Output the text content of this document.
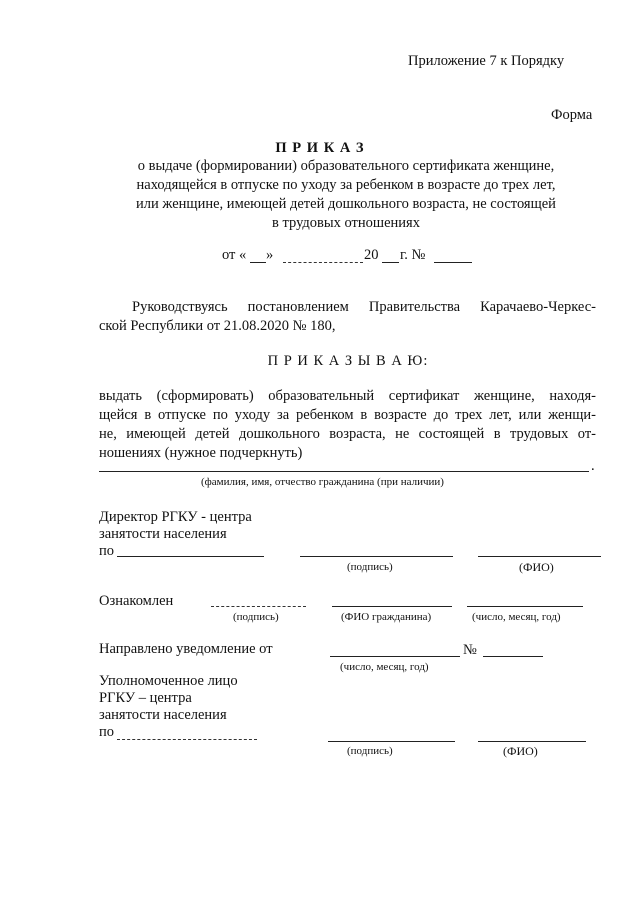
Приложение 7 к Порядку
Форма
П Р И К А З
о выдаче (формировании) образовательного сертификата женщине,
находящейся в отпуске по уходу за ребенком в возрасте до трех лет,
или женщине, имеющей детей дошкольного возраста, не состоящей
в трудовых отношениях
от « »	20 г. №
Руководствуясь постановлением Правительства Карачаево-Черкес-
ской Республики от 21.08.2020 № 180,
П Р И К А З Ы В А Ю:
выдать (сформировать) образовательный сертификат женщине, находя-
щейся в отпуске по уходу за ребенком в возрасте до трех лет, или женщи-
не, имеющей детей дошкольного возраста, не состоящей в трудовых от-
ношениях (нужное подчеркнуть)
.
(фамилия, имя, отчество гражданина (при наличии)
Директор РГКУ - центра
занятости населения
по
(подпись)	(ФИО)
Ознакомлен
(подпись)	(ФИО гражданина)	(число, месяц, год)
Направлено уведомление от	№
(число, месяц, год)
Уполномоченное лицо
РГКУ – центра
занятости населения
по
(подпись)	(ФИО)
